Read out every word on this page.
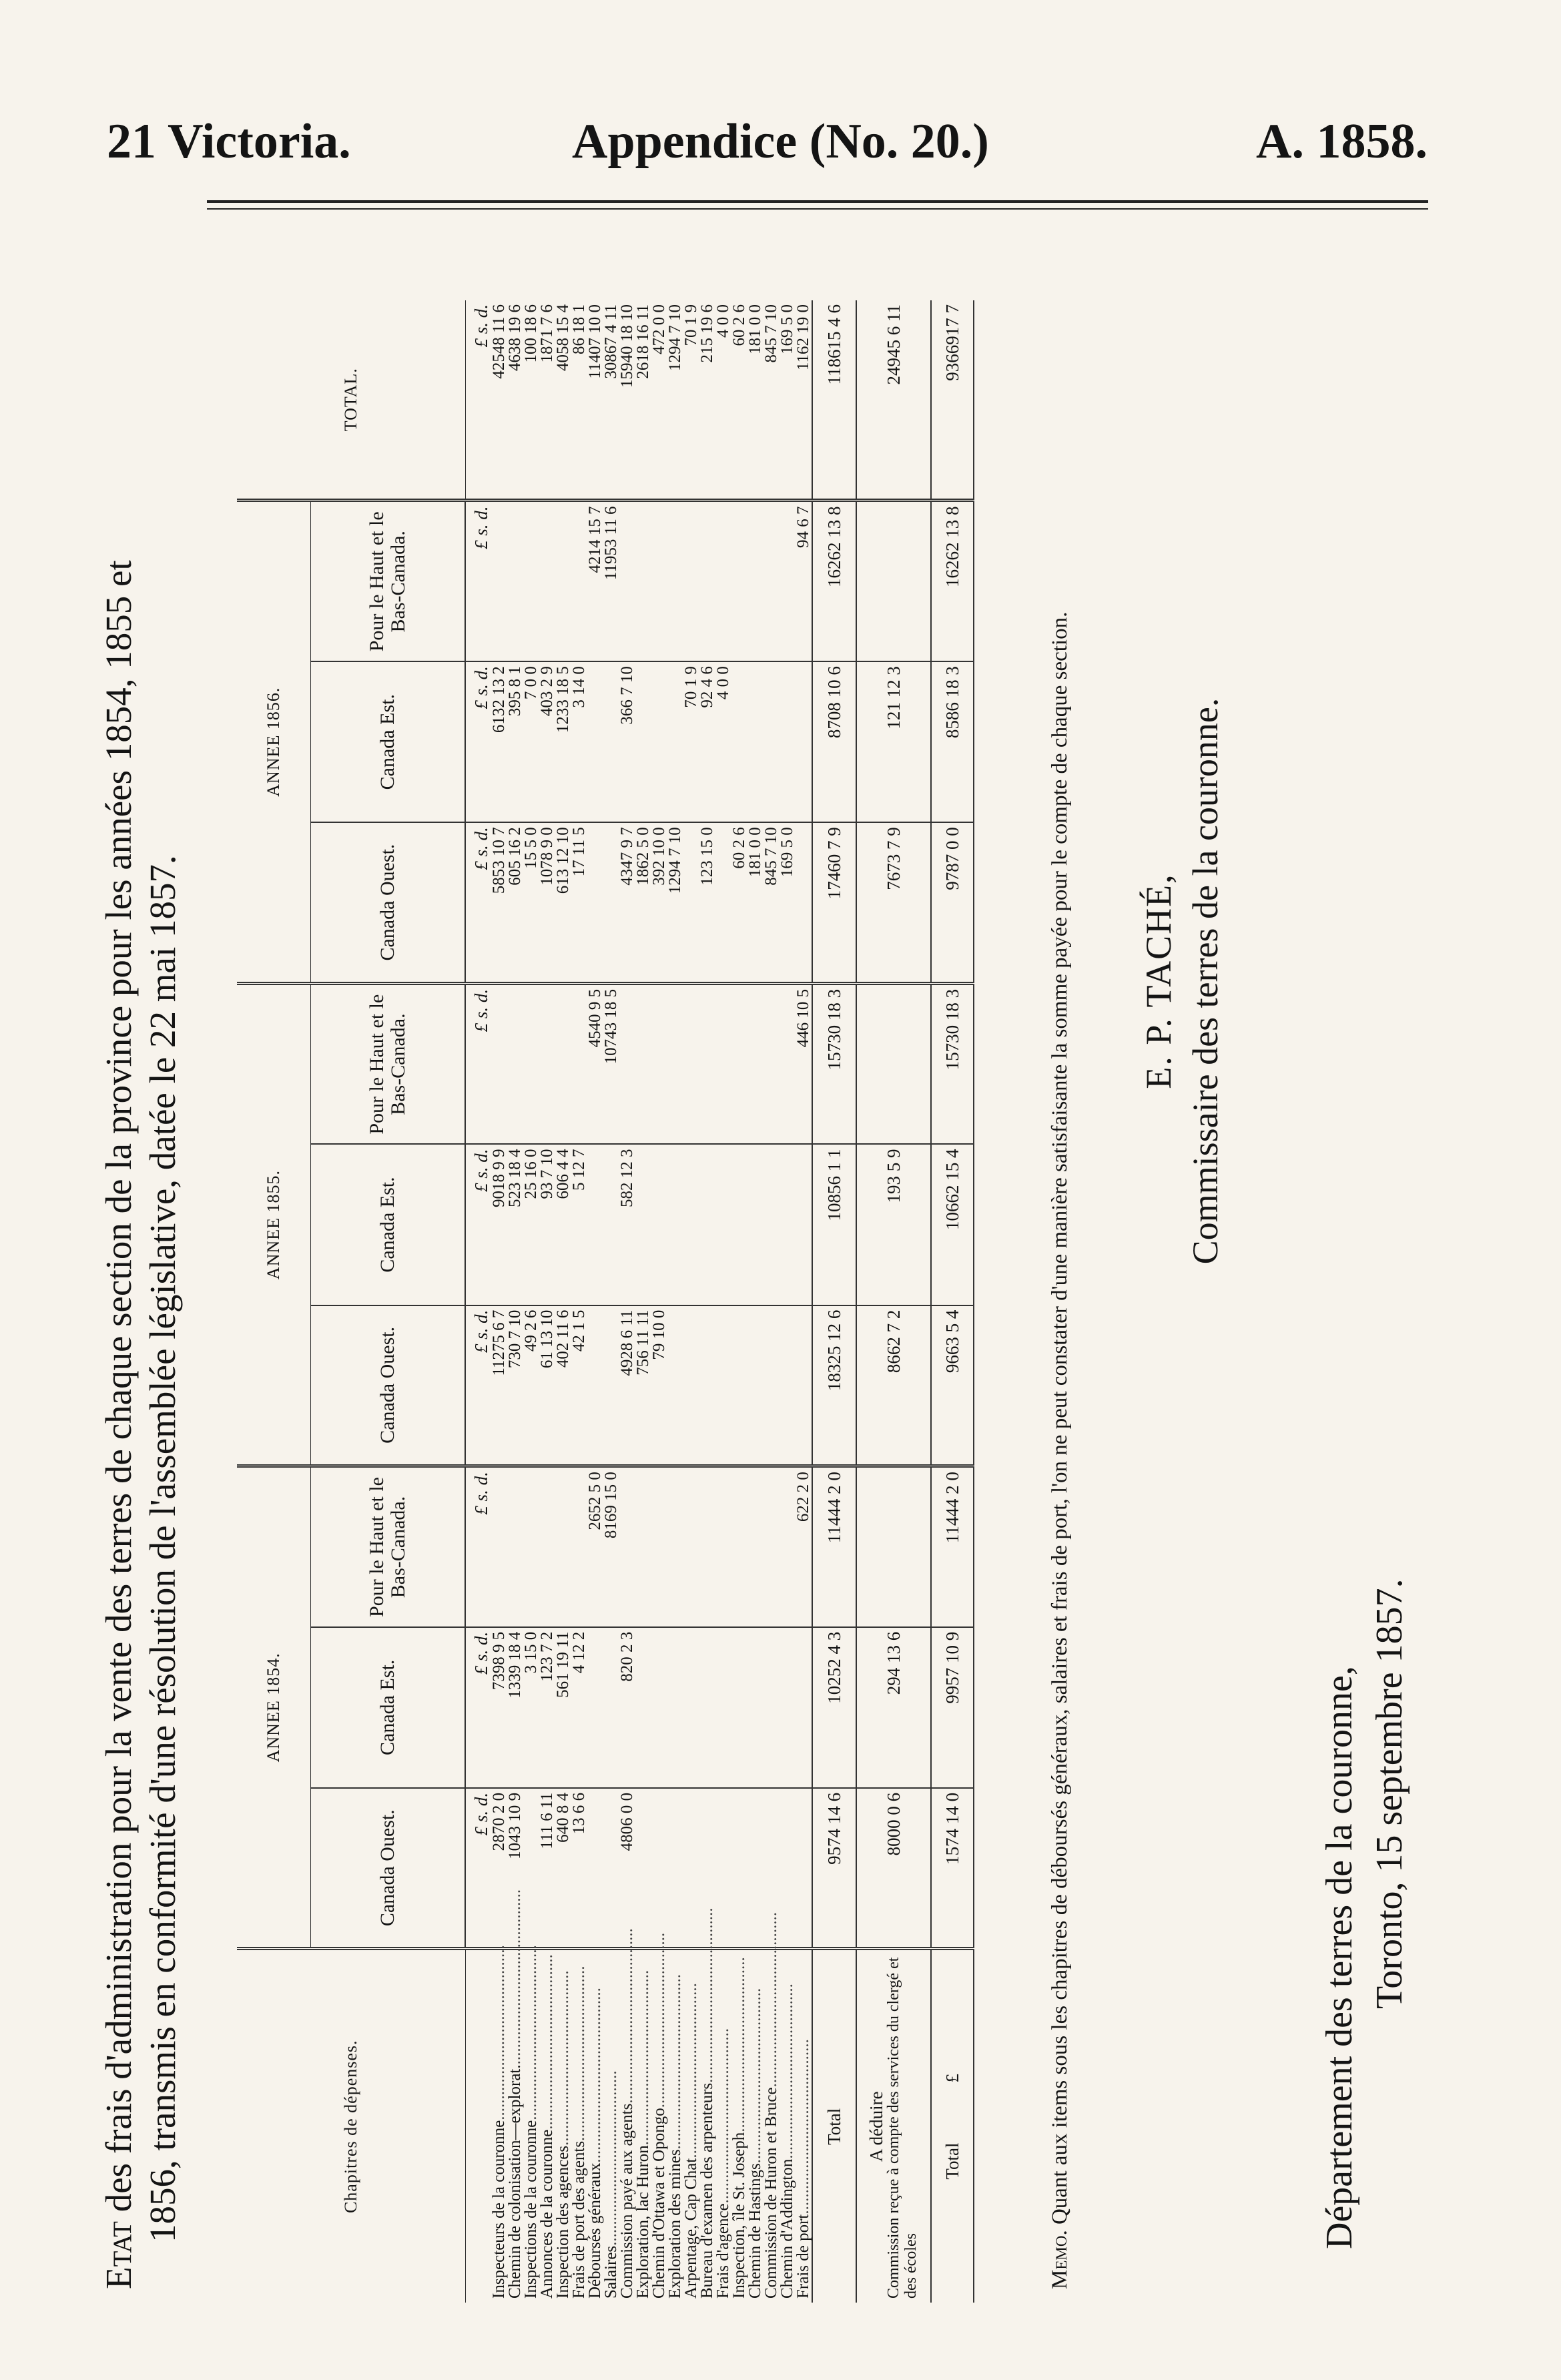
21 Victoria.	Appendice (No. 20.)	A. 1858.
Etat des frais d'administration pour la vente des terres de chaque section de la province pour les années 1854, 1855 et
1856, transmis en conformité d'une résolution de l'assemblée législative, datée le 22 mai 1857.	Chapitres de dépenses.	ANNEE 1854.			ANNEE 1855.			ANNEE 1856.			TOTAL.
	Canada Ouest.	Canada Est.	Pour le Haut et le Bas-Canada.	Canada Ouest.	Canada Est.	Pour le Haut et le Bas-Canada.	Canada Ouest.	Canada Est.	Pour le Haut et le Bas-Canada.	
	£ s. d.	£ s. d.	£ s. d.	£ s. d.	£ s. d.	£ s. d.	£ s. d.	£ s. d.	£ s. d.	£ s. d.
Inspecteurs de la couronne..........................................	2870 2 0	7398 9 5		11275 6 7	9018 9 9		5853 10 7	6132 13 2		42548 11 6
Chemin de colonisation—explorat...........................................	1043 10 9	1339 18 4		730 7 10	523 18 4		605 16 2	395 8 1		4638 19 6
Inspections de la couronne..........................................		3 15 0		49 2 6	25 16 0		15 5 0	7 0 0		100 18 6
Annonces de la couronne..........................................	111 6 11	123 7 2		61 13 10	93 7 10		1078 9 0	403 2 9		1871 7 6
Inspection des agences..........................................	640 8 4	561 19 11		402 11 6	606 4 4		613 12 10	1233 18 5		4058 15 4
Frais de port des agents..........................................	13 6 6	4 12 2		42 1 5	5 12 7		17 11 5	3 14 0		86 18 1
Déboursés généraux..........................................			2652 5 0			4540 9 5			4214 15 7	11407 10 0
Salaires..........................................			8169 15 0			10743 18 5			11953 11 6	30867 4 11
Commission payé aux agents..........................................	4806 0 0	820 2 3		4928 6 11	582 12 3		4347 9 7	366 7 10		15940 18 10
Exploration, lac Huron..........................................				756 11 11			1862 5 0			2618 16 11
Chemin d'Ottawa et Opongo..........................................				79 10 0			392 10 0			472 0 0
Exploration des mines..........................................							1294 7 10			1294 7 10
Arpentage, Cap Chat..........................................								70 1 9		70 1 9
Bureau d'examen des arpenteurs..........................................							123 15 0	92 4 6		215 19 6
Frais d'agence..........................................								4 0 0		4 0 0
Inspection, île St. Joseph..........................................							60 2 6			60 2 6
Chemin de Hastings..........................................							181 0 0			181 0 0
Commission de Huron et Bruce..........................................							845 7 10			845 7 10
Chemin d'Addington..........................................							169 5 0			169 5 0
Frais de port..........................................			622 2 0			446 10 5			94 6 7	1162 19 0
Total	9574 14 6	10252 4 3	11444 2 0	18325 12 6	10856 1 1	15730 18 3	17460 7 9	8708 10 6	16262 13 8	118615 4 6

A déduire
Commission reçue à compte des services du clergé et des écoles	8000 0 6	294 13 6		8662 7 2	193 5 9		7673 7 9	121 12 3		24945 6 11
Total£	1574 14 0	9957 10 9	11444 2 0	9663 5 4	10662 15 4	15730 18 3	9787 0 0	8586 18 3	16262 13 8	9366917 7
Memo. Quant aux items sous les chapitres de déboursés généraux, salaires et frais de port, l'on ne peut constater d'une manière satisfaisante la somme payée pour le compte de chaque section. E. P. TACHÉ, Commissaire des terres de la couronne.
Département des terres de la couronne, Toronto, 15 septembre 1857.
